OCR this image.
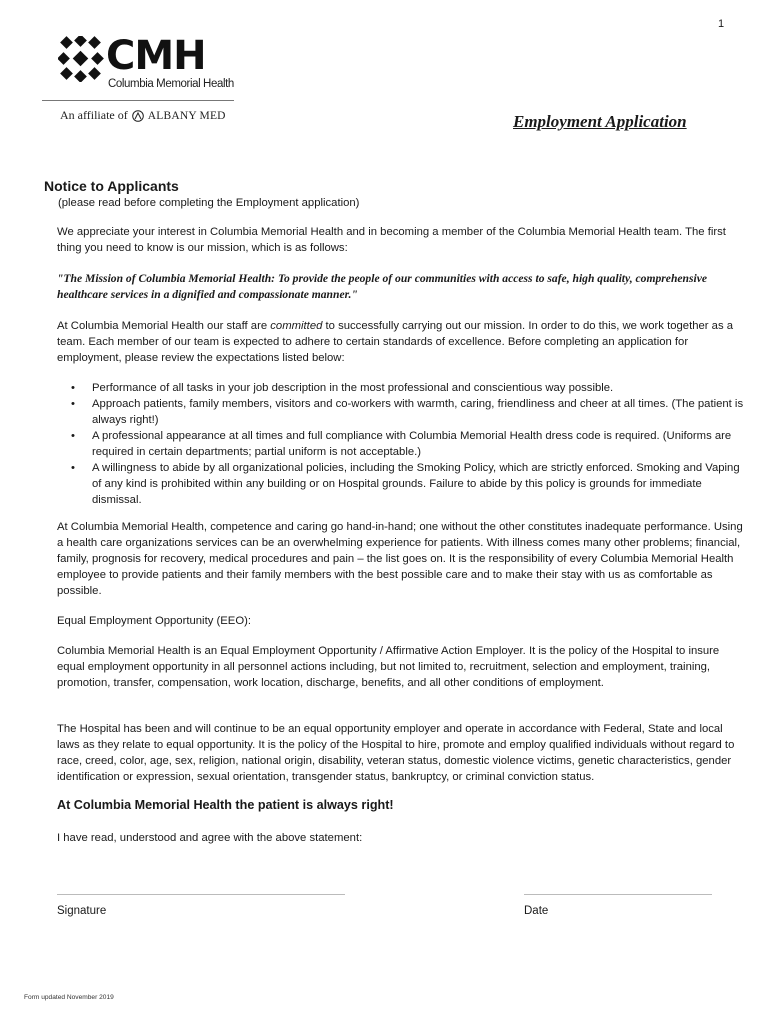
1
CMH
Columbia Memorial Health
An affiliate of ALBANY MED	Employment Application
Notice to Applicants

(please read before completing the Employment application)

We appreciate your interest in Columbia Memorial Health and in becoming a member of the Columbia Memorial Health team. The first thing you need to know is our mission, which is as follows:

"The Mission of Columbia Memorial Health: To provide the people of our communities with access to safe, high quality, comprehensive healthcare services in a dignified and compassionate manner."

At Columbia Memorial Health our staff are committed to successfully carrying out our mission. In order to do this, we work together as a team. Each member of our team is expected to adhere to certain standards of excellence. Before completing an application for employment, please review the expectations listed below:

• Performance of all tasks in your job description in the most professional and conscientious way possible.
• Approach patients, family members, visitors and co-workers with warmth, caring, friendliness and cheer at all times. (The patient is always right!)
• A professional appearance at all times and full compliance with Columbia Memorial Health dress code is required. (Uniforms are required in certain departments; partial uniform is not acceptable.)
• A willingness to abide by all organizational policies, including the Smoking Policy, which are strictly enforced. Smoking and Vaping of any kind is prohibited within any building or on Hospital grounds. Failure to abide by this policy is grounds for immediate dismissal.

At Columbia Memorial Health, competence and caring go hand-in-hand; one without the other constitutes inadequate performance. Using a health care organizations services can be an overwhelming experience for patients. With illness comes many other problems; financial, family, prognosis for recovery, medical procedures and pain – the list goes on. It is the responsibility of every Columbia Memorial Health employee to provide patients and their family members with the best possible care and to make their stay with us as comfortable as possible.

Equal Employment Opportunity (EEO):

Columbia Memorial Health is an Equal Employment Opportunity / Affirmative Action Employer. It is the policy of the Hospital to insure equal employment opportunity in all personnel actions including, but not limited to, recruitment, selection and employment, training, promotion, transfer, compensation, work location, discharge, benefits, and all other conditions of employment.

The Hospital has been and will continue to be an equal opportunity employer and operate in accordance with Federal, State and local laws as they relate to equal opportunity. It is the policy of the Hospital to hire, promote and employ qualified individuals without regard to race, creed, color, age, sex, religion, national origin, disability, veteran status, domestic violence victims, genetic characteristics, gender identification or expression, sexual orientation, transgender status, bankruptcy, or criminal conviction status.

At Columbia Memorial Health the patient is always right!

I have read, understood and agree with the above statement:

Signature	Date
Form updated November 2019
